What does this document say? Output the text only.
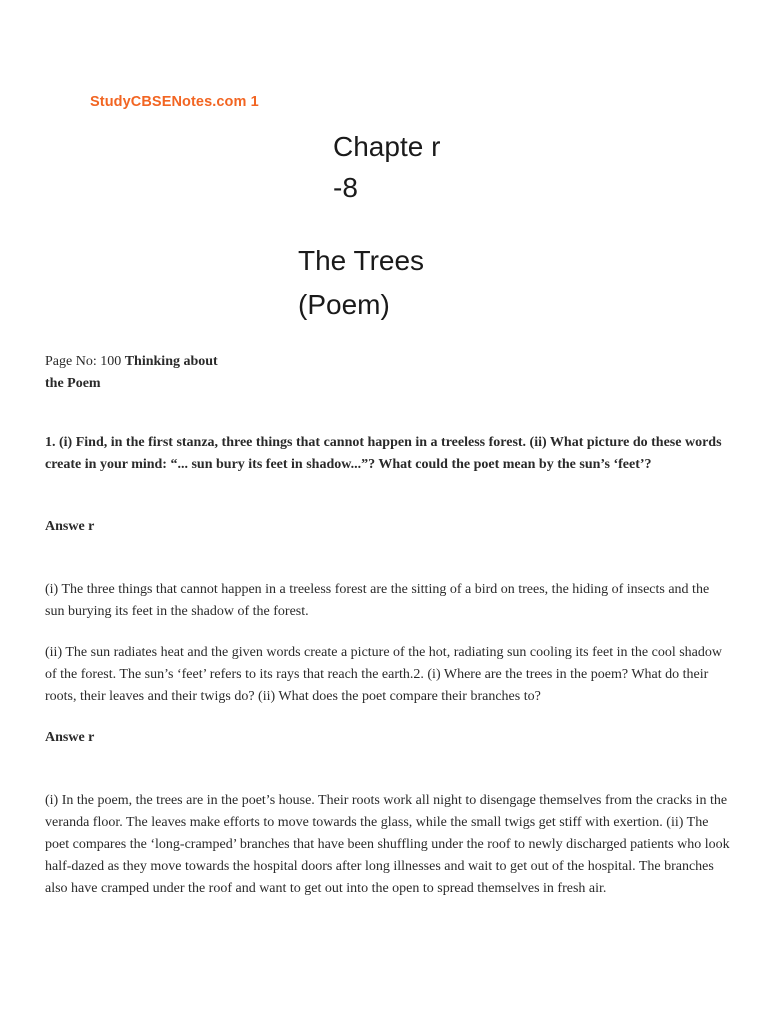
StudyCBSENotes.com 1
Chapte r-8
The Trees (Poem)

Page No: 100 Thinking about the Poem

1. (i) Find, in the first stanza, three things that cannot happen in a treeless forest. (ii) What picture do these words create in your mind: “... sun bury its feet in shadow...”? What could the poet mean by the sun’s ‘feet’?

Answe r

(i) The three things that cannot happen in a treeless forest are the sitting of a bird on trees, the hiding of insects and the sun burying its feet in the shadow of the forest.

(ii) The sun radiates heat and the given words create a picture of the hot, radiating sun cooling its feet in the cool shadow of the forest. The sun’s ‘feet’ refers to its rays that reach the earth.2. (i) Where are the trees in the poem? What do their roots, their leaves and their twigs do? (ii) What does the poet compare their branches to?

Answe r

(i) In the poem, the trees are in the poet’s house. Their roots work all night to disengage themselves from the cracks in the veranda floor. The leaves make efforts to move towards the glass, while the small twigs get stiff with exertion. (ii) The poet compares the ‘long-cramped’ branches that have been shuffling under the roof to newly discharged patients who look half-dazed as they move towards the hospital doors after long illnesses and wait to get out of the hospital. The branches also have cramped under the roof and want to get out into the open to spread themselves in fresh air.
